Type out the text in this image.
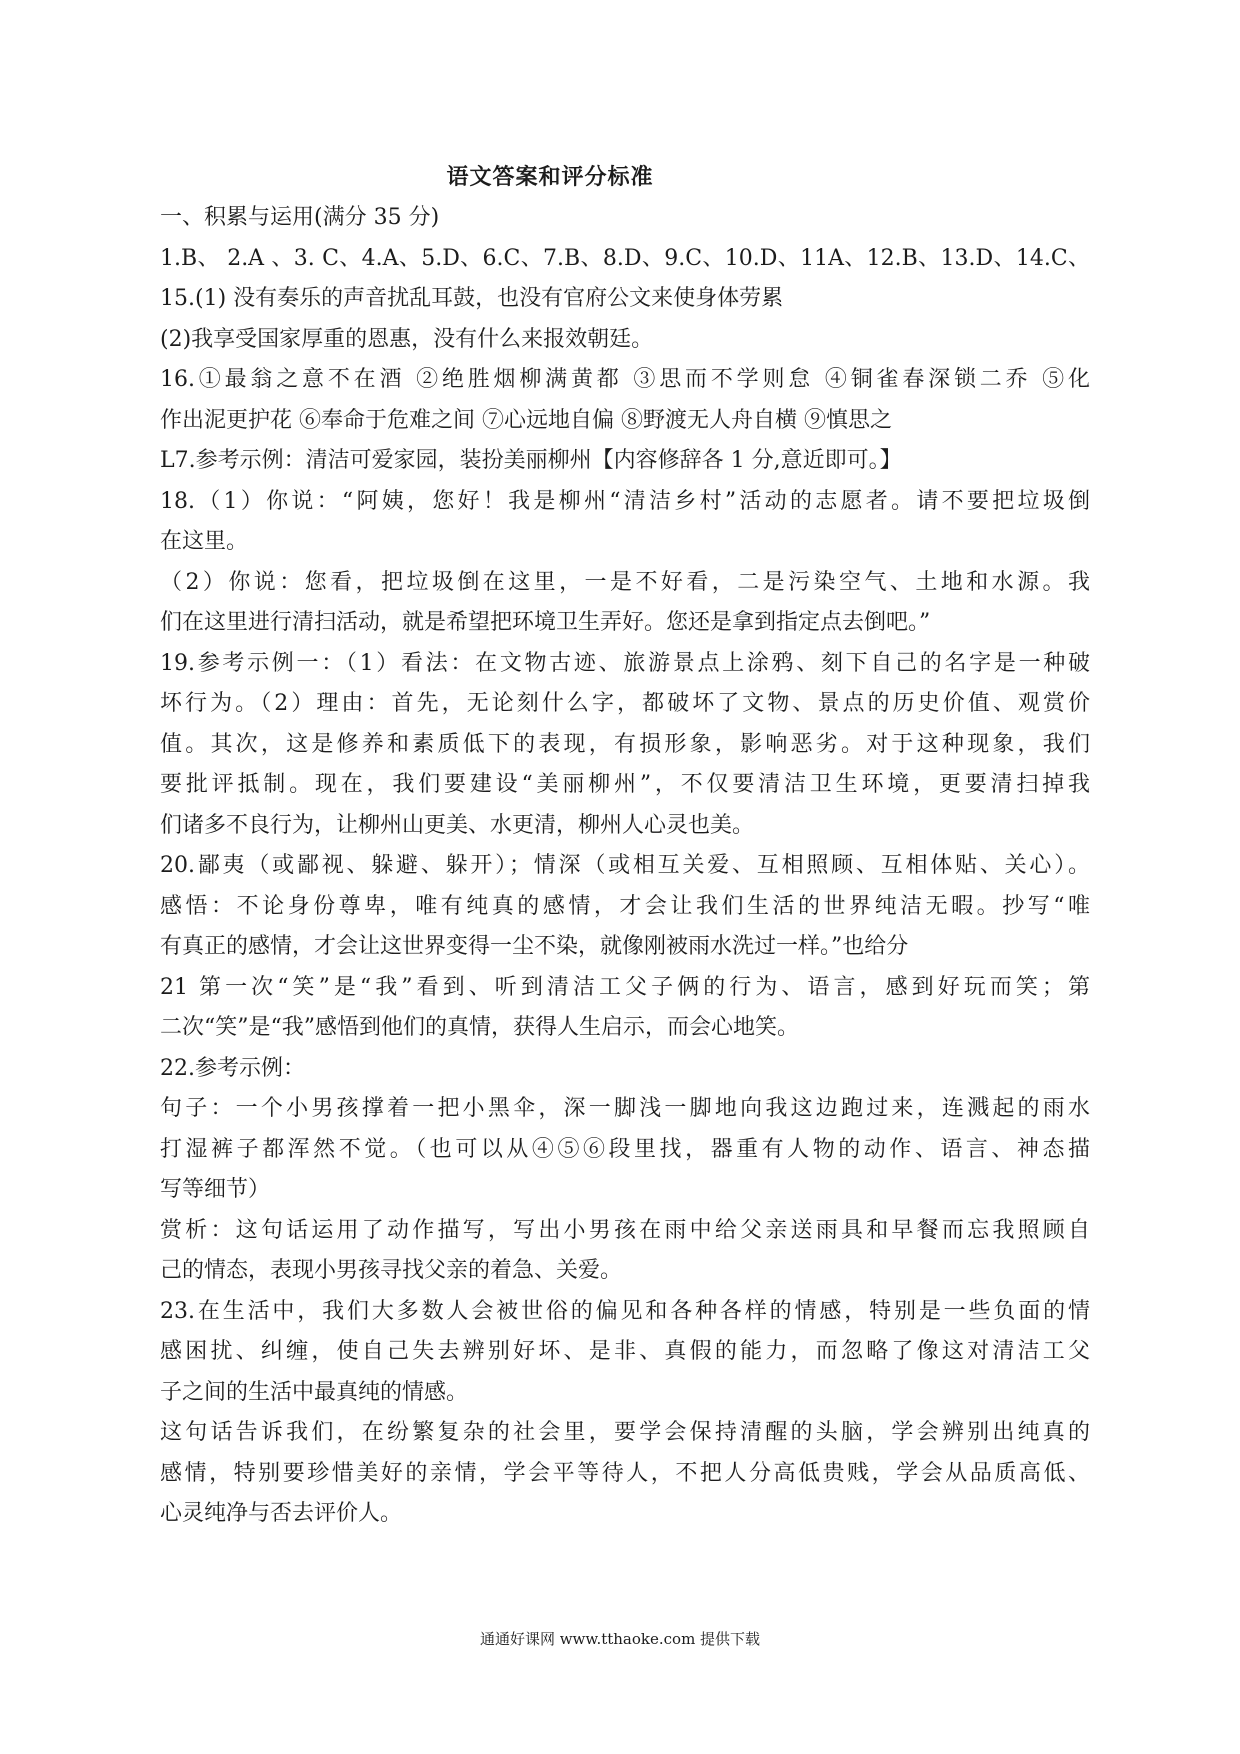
语文答案和评分标准
一、积累与运用(满分 35 分)
1.B、 2.A 、3. C、4.A、5.D、6.C、7.B、8.D、9.C、10.D、11A、12.B、13.D、14.C、
15.(1) 没有奏乐的声音扰乱耳鼓，也没有官府公文来使身体劳累
(2)我享受国家厚重的恩惠，没有什么来报效朝廷。
16.①最翁之意不在酒 ②绝胜烟柳满黄都 ③思而不学则怠 ④铜雀春深锁二乔 ⑤化
作出泥更护花 ⑥奉命于危难之间 ⑦心远地自偏 ⑧野渡无人舟自横 ⑨慎思之
L7.参考示例：清洁可爱家园，装扮美丽柳州【内容修辞各 1 分,意近即可。】
18.（1）你说：“阿姨，您好！我是柳州“清洁乡村”活动的志愿者。请不要把垃圾倒
在这里。
（2）你说：您看，把垃圾倒在这里，一是不好看，二是污染空气、土地和水源。我
们在这里进行清扫活动，就是希望把环境卫生弄好。您还是拿到指定点去倒吧。”
19.参考示例一：（1）看法：在文物古迹、旅游景点上涂鸦、刻下自己的名字是一种破
坏行为。（2）理由：首先，无论刻什么字，都破坏了文物、景点的历史价值、观赏价
值。其次，这是修养和素质低下的表现，有损形象，影响恶劣。对于这种现象，我们
要批评抵制。现在，我们要建设“美丽柳州”，不仅要清洁卫生环境，更要清扫掉我
们诸多不良行为，让柳州山更美、水更清，柳州人心灵也美。
20.鄙夷（或鄙视、躲避、躲开）；情深（或相互关爱、互相照顾、互相体贴、关心）。
感悟：不论身份尊卑，唯有纯真的感情，才会让我们生活的世界纯洁无暇。抄写“唯
有真正的感情，才会让这世界变得一尘不染，就像刚被雨水洗过一样。”也给分
21 第一次“笑”是“我”看到、听到清洁工父子俩的行为、语言，感到好玩而笑；第
二次“笑”是“我”感悟到他们的真情，获得人生启示，而会心地笑。
22.参考示例：
句子：一个小男孩撑着一把小黑伞，深一脚浅一脚地向我这边跑过来，连溅起的雨水
打湿裤子都浑然不觉。（也可以从④⑤⑥段里找，器重有人物的动作、语言、神态描
写等细节）
赏析：这句话运用了动作描写，写出小男孩在雨中给父亲送雨具和早餐而忘我照顾自
己的情态，表现小男孩寻找父亲的着急、关爱。
23.在生活中，我们大多数人会被世俗的偏见和各种各样的情感，特别是一些负面的情
感困扰、纠缠，使自己失去辨别好坏、是非、真假的能力，而忽略了像这对清洁工父
子之间的生活中最真纯的情感。
这句话告诉我们，在纷繁复杂的社会里，要学会保持清醒的头脑，学会辨别出纯真的
感情，特别要珍惜美好的亲情，学会平等待人，不把人分高低贵贱，学会从品质高低、
心灵纯净与否去评价人。
通通好课网 www.tthaoke.com 提供下载
